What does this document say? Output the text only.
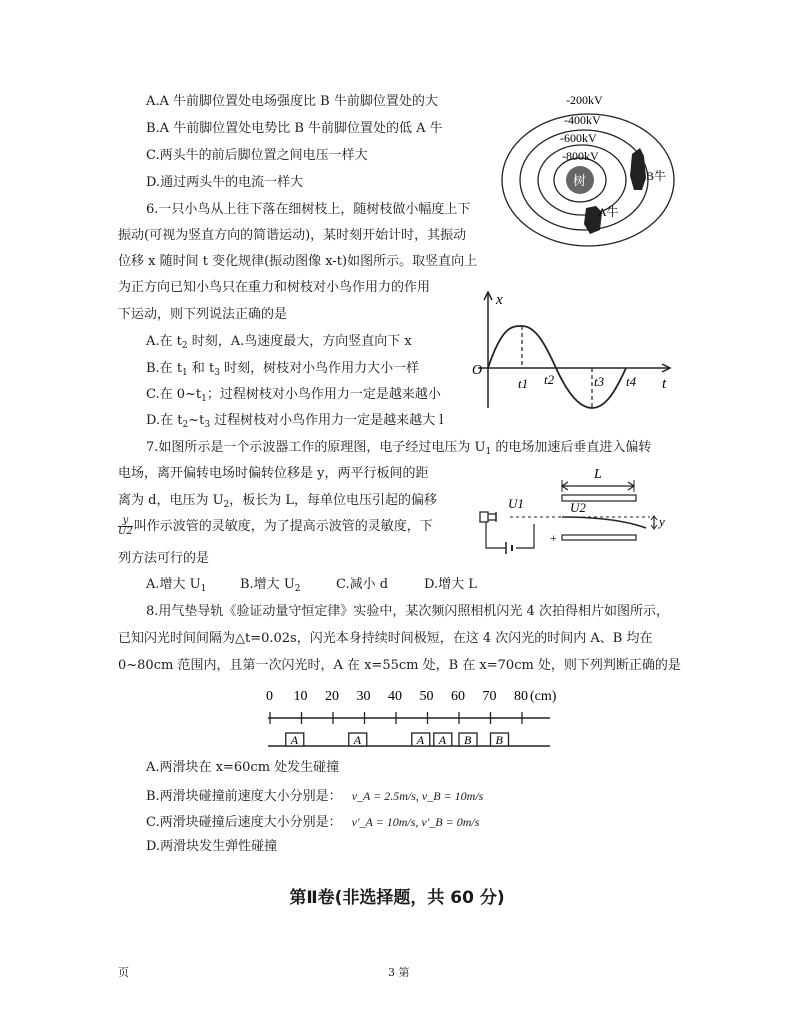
A.A 牛前脚位置处电场强度比 B 牛前脚位置处的大
B.A 牛前脚位置处电势比 B 牛前脚位置处的低 A 牛
C.两头牛的前后脚位置之间电压一样大
D.通过两头牛的电流一样大	树
-200kV
-400kV
-600kV
-800kV
B牛
A牛
6.一只小鸟从上往下落在细树枝上，随树枝做小幅度上下
振动(可视为竖直方向的简谐运动)，某时刻开始计时，其振动
位移 x 随时间 t 变化规律(振动图像 x-t)如图所示。取竖直向上
为正方向已知小鸟只在重力和树枝对小鸟作用力的作用
下运动，则下列说法正确的是
A.在 $t_2$ 时刻，A.鸟速度最大，方向竖直向下 x
B.在 $t_1$ 和 $t_3$ 时刻，树枝对小鸟作用力大小一样
C.在 $0\sim t_1$；过程树枝对小鸟作用力一定是越来越小
D.在 $t_2\sim t_3$ 过程树枝对小鸟作用力一定是越来越大 l
x
t
O
t1 t2	t3 t4
7.如图所示是一个示波器工作的原理图，电子经过电压为 $U_1$ 的电场加速后垂直进入偏转
电场，离开偏转电场时偏转位移是 y，两平行板间的距
离为 d，电压为 $U_2$，板长为 L，每单位电压引起的偏移
$\frac{y}{U2}$ 叫作示波管的灵敏度，为了提高示波管的灵敏度，下
列方法可行的是
A.增大 $U_1$	B.增大 $U_2$	C.减小 d	D.增大 L
L
+
U2
y
U1
8.用气垫导轨《验证动量守恒定律》实验中，某次频闪照相机闪光 4 次拍得相片如图所示，
已知闪光时间间隔为△t=0.02s，闪光本身持续时间极短，在这 4 次闪光的时间内 A、B 均在
0~80cm 范围内，且第一次闪光时，A 在 x=55cm 处，B 在 x=70cm 处，则下列判断正确的是
0 10 20 30 40 50 60 70 80
A	A	A A B B
(cm)
A.两滑块在 x=60cm 处发生碰撞
B.两滑块碰撞前速度大小分别是： v_A = 2.5m/s, v_B = 10m/s
C.两滑块碰撞后速度大小分别是： v'_A = 10m/s, v'_B = 0m/s
D.两滑块发生弹性碰撞
第Ⅱ卷(非选择题，共 60 分)
页	3 第
